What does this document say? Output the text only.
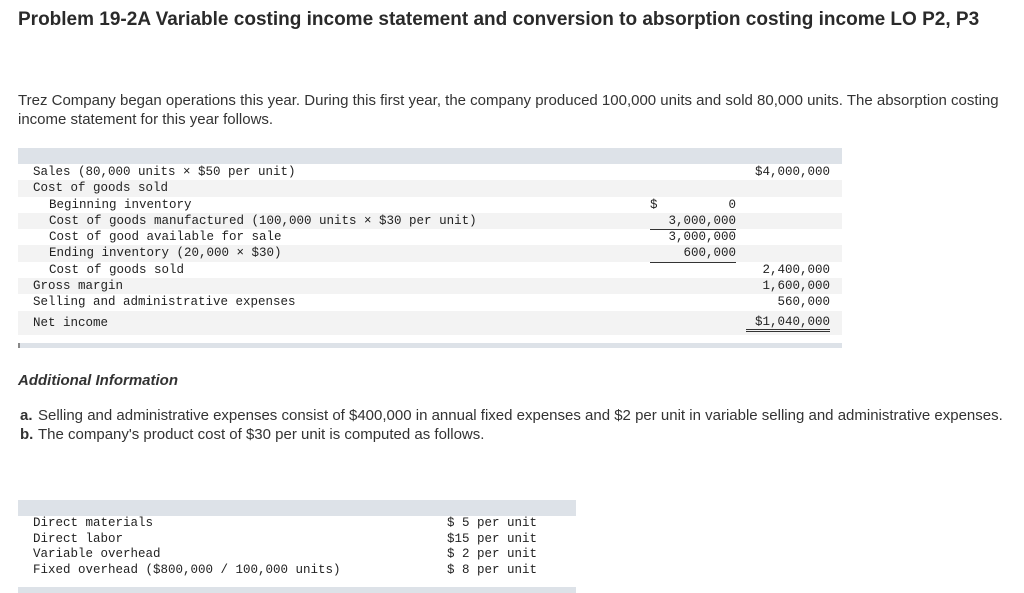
Problem 19-2A Variable costing income statement and conversion to absorption costing income LO P2, P3
Trez Company began operations this year. During this first year, the company produced 100,000 units and sold 80,000 units. The absorption costing income statement for this year follows.
Sales (80,000 units × $50 per unit)	$4,000,000
Cost of goods sold
Beginning inventory	$	0
Cost of goods manufactured (100,000 units × $30 per unit)	3,000,000
Cost of good available for sale	3,000,000
Ending inventory (20,000 × $30)	600,000
Cost of goods sold	2,400,000
Gross margin	1,600,000
Selling and administrative expenses	560,000
Net income	$1,040,000
Additional Information
a. Selling and administrative expenses consist of $400,000 in annual fixed expenses and $2 per unit in variable selling and administrative expenses.
b. The company's product cost of $30 per unit is computed as follows.
Direct materials	$ 5 per unit
Direct labor	$15 per unit
Variable overhead	$ 2 per unit
Fixed overhead ($800,000 / 100,000 units)	$ 8 per unit
